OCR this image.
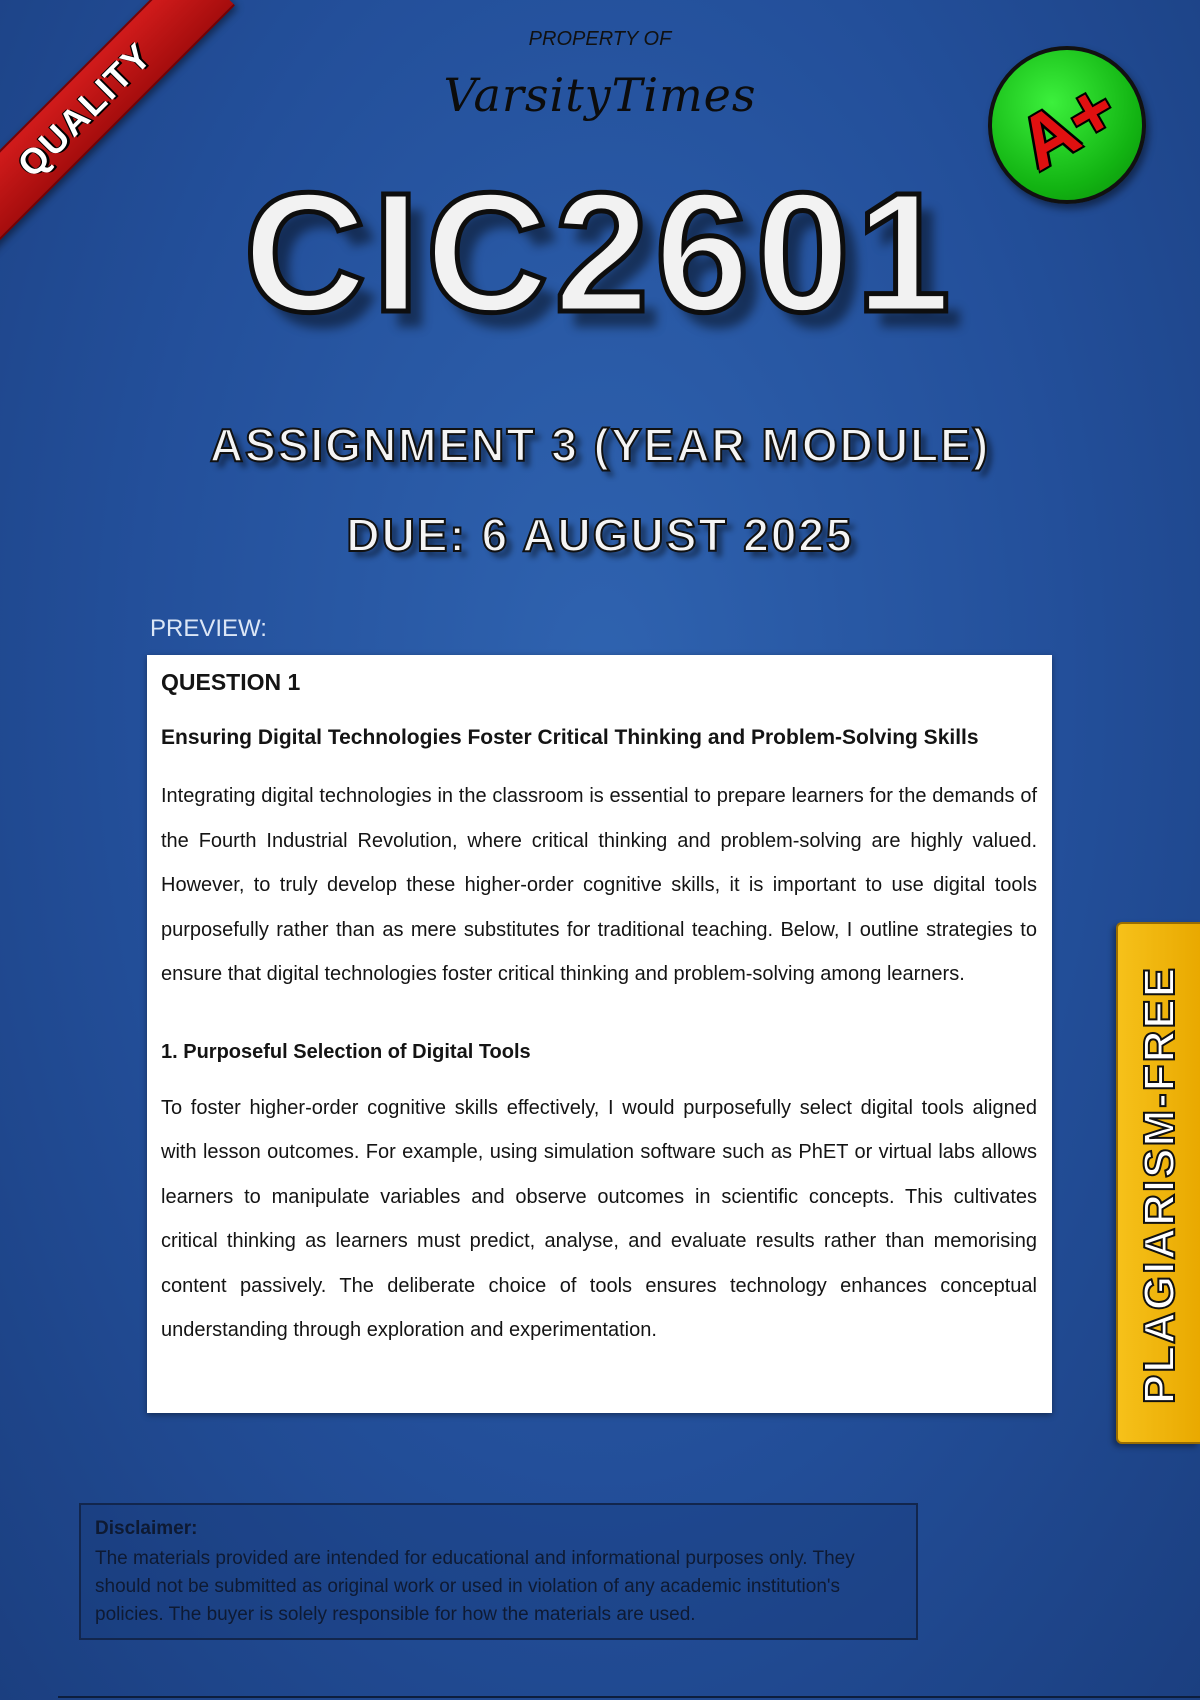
QUALITY	PROPERTY OF
VarsityTimes	A+
CIC2601
ASSIGNMENT 3 (YEAR MODULE)
DUE: 6 AUGUST 2025
PREVIEW:
QUESTION 1
Ensuring Digital Technologies Foster Critical Thinking and Problem-Solving Skills

Integrating digital technologies in the classroom is essential to prepare learners for the demands of the Fourth Industrial Revolution, where critical thinking and problem-solving are highly valued. However, to truly develop these higher-order cognitive skills, it is important to use digital tools purposefully rather than as mere substitutes for traditional teaching. Below, I outline strategies to ensure that digital technologies foster critical thinking and problem-solving among learners.

1. Purposeful Selection of Digital Tools

To foster higher-order cognitive skills effectively, I would purposefully select digital tools aligned with lesson outcomes. For example, using simulation software such as PhET or virtual labs allows learners to manipulate variables and observe outcomes in scientific concepts. This cultivates critical thinking as learners must predict, analyse, and evaluate results rather than memorising content passively. The deliberate choice of tools ensures technology enhances conceptual understanding through exploration and experimentation.	PLAGIARISM-FREE
Disclaimer:
The materials provided are intended for educational and informational purposes only. They should not be submitted as original work or used in violation of any academic institution's policies. The buyer is solely responsible for how the materials are used.
